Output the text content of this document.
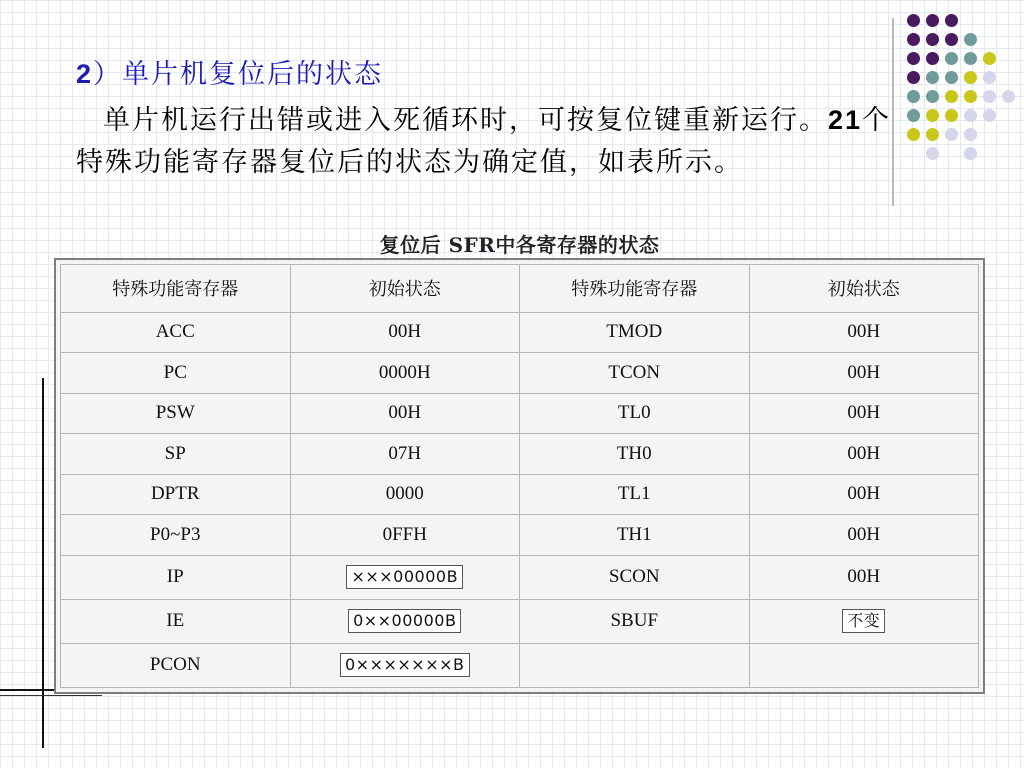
2）单片机复位后的状态

单片机运行出错或进入死循环时，可按复位键重新运行。21个特殊功能寄存器复位后的状态为确定值，如表所示。

复位后 SFR中各寄存器的状态
特殊功能寄存器	初始状态	特殊功能寄存器	初始状态
ACC	00H	TMOD	00H
PC	0000H	TCON	00H
PSW	00H	TL0	00H
SP	07H	TH0	00H
DPTR	0000	TL1	00H
P0~P3	0FFH	TH1	00H
IP	×××00000B	SCON	00H
IE	0××00000B	SBUF	不变
PCON	0×××××××B		
